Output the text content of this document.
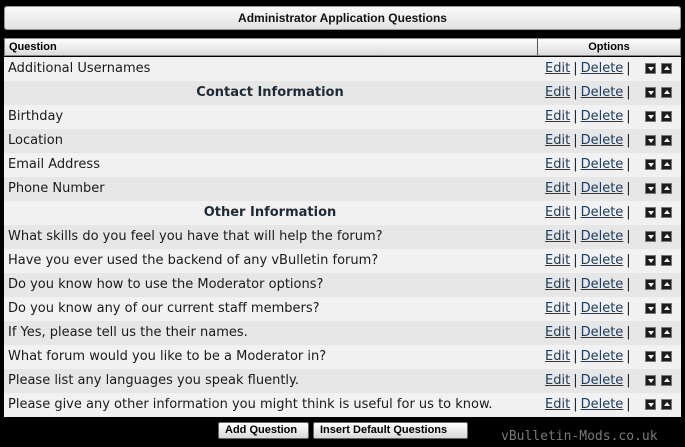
Administrator Application Questions
Question	Options
Additional Usernames	Edit | Delete |
Contact Information	Edit | Delete |
Birthday	Edit | Delete |
Location	Edit | Delete |
Email Address	Edit | Delete |
Phone Number	Edit | Delete |
Other Information	Edit | Delete |
What skills do you feel you have that will help the forum?	Edit | Delete |
Have you ever used the backend of any vBulletin forum?	Edit | Delete |
Do you know how to use the Moderator options?	Edit | Delete |
Do you know any of our current staff members?	Edit | Delete |
If Yes, please tell us the their names.	Edit | Delete |
What forum would you like to be a Moderator in?	Edit | Delete |
Please list any languages you speak fluently.	Edit | Delete |
Please give any other information you might think is useful for us to know.	Edit | Delete |
Add Question	Insert Default Questions	vBulletin-Mods.co.uk
